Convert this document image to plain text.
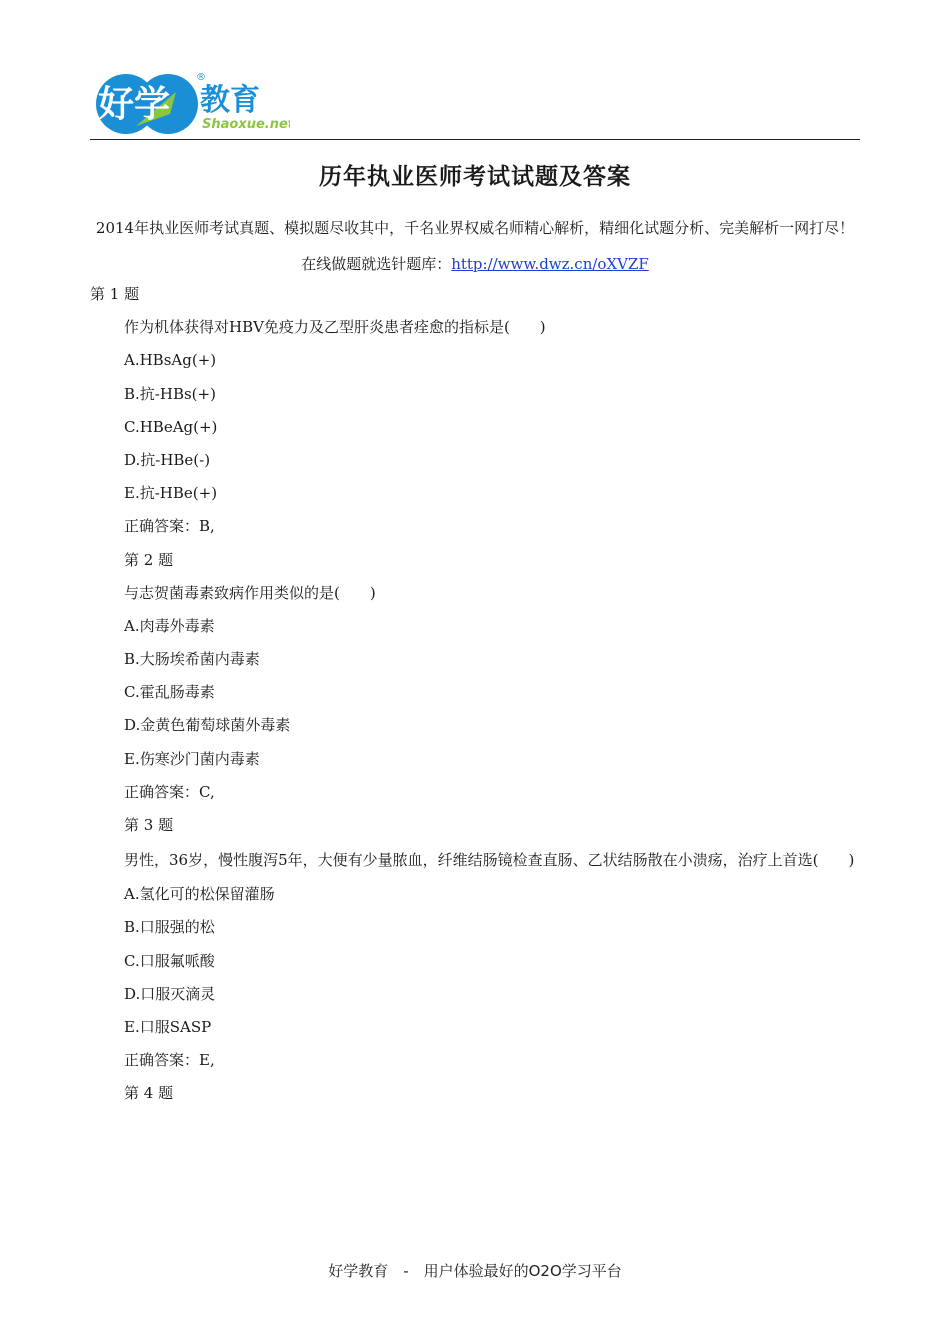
好学 教育
®
Shaoxue.net
历年执业医师考试试题及答案

2014年执业医师考试真题、模拟题尽收其中，千名业界权威名师精心解析，精细化试题分析、完美解析一网打尽！在线做题就选针题库：http://www.dwz.cn/oXVZF

第 1 题
作为机体获得对HBV免疫力及乙型肝炎患者痊愈的指标是(　　)
A.HBsAg(+)
B.抗-HBs(+)
C.HBeAg(+)
D.抗-HBe(-)
E.抗-HBe(+)
正确答案：B,
第 2 题
与志贺菌毒素致病作用类似的是(　　)
A.肉毒外毒素
B.大肠埃希菌内毒素
C.霍乱肠毒素
D.金黄色葡萄球菌外毒素
E.伤寒沙门菌内毒素
正确答案：C,
第 3 题
男性，36岁，慢性腹泻5年，大便有少量脓血，纤维结肠镜检查直肠、乙状结肠散在小溃疡，治疗上首选(　　)
A.氢化可的松保留灌肠
B.口服强的松
C.口服氟哌酸
D.口服灭滴灵
E.口服SASP
正确答案：E,
第 4 题
好学教育　-　用户体验最好的O2O学习平台
